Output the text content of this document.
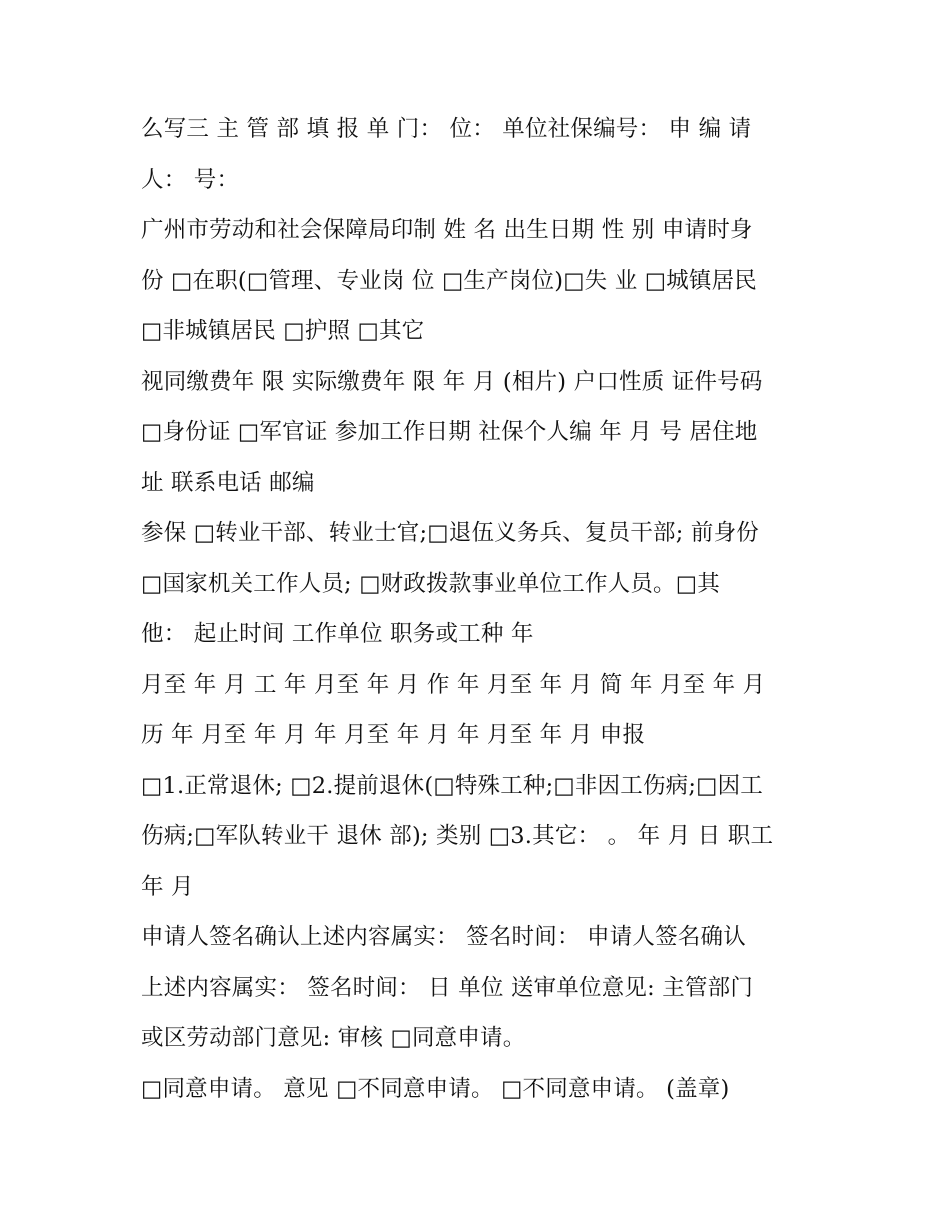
么写三 主 管 部 填 报 单 门： 位： 单位社保编号： 申 编 请
人： 号：
广州市劳动和社会保障局印制 姓 名 出生日期 性 别 申请时身
份 □在职(□管理、专业岗 位 □生产岗位)□失 业 □城镇居民
□非城镇居民 □护照 □其它
视同缴费年 限 实际缴费年 限 年 月 (相片) 户口性质 证件号码
□身份证 □军官证 参加工作日期 社保个人编 年 月 号 居住地
址 联系电话 邮编
参保 □转业干部、转业士官;□退伍义务兵、复员干部; 前身份
□国家机关工作人员; □财政拨款事业单位工作人员。□其
他： 起止时间 工作单位 职务或工种 年
月至 年 月 工 年 月至 年 月 作 年 月至 年 月 简 年 月至 年 月
历 年 月至 年 月 年 月至 年 月 年 月至 年 月 申报
□1.正常退休; □2.提前退休(□特殊工种;□非因工伤病;□因工
伤病;□军队转业干 退休 部); 类别 □3.其它： 。 年 月 日 职工
年 月
申请人签名确认上述内容属实： 签名时间： 申请人签名确认
上述内容属实： 签名时间： 日 单位 送审单位意见: 主管部门
或区劳动部门意见: 审核 □同意申请。
□同意申请。 意见 □不同意申请。 □不同意申请。 (盖章)
